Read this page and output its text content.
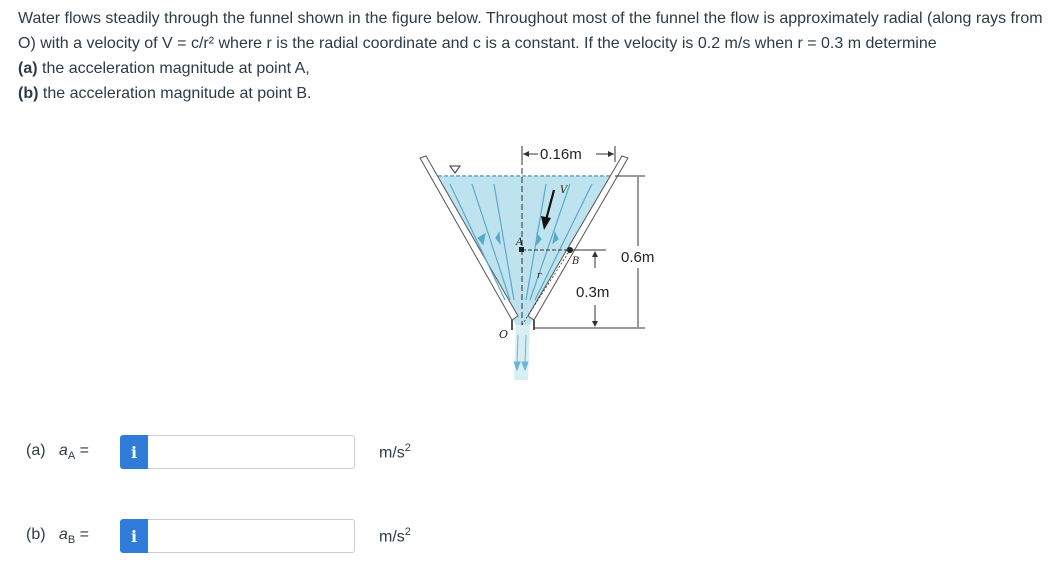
Water flows steadily through the funnel shown in the figure below. Throughout most of the funnel the flow is approximately radial (along rays from O) with a velocity of V = c/r² where r is the radial coordinate and c is a constant. If the velocity is 0.2 m/s when r = 0.3 m determine

(a) the acceleration magnitude at point A,
(b) the acceleration magnitude at point B.
0.16m
0.6m
0.3m
A
B
V
r
O
(a) $a_A$ =	i	$m/s^2$
(b) $a_B$ =	i	$m/s^2$
